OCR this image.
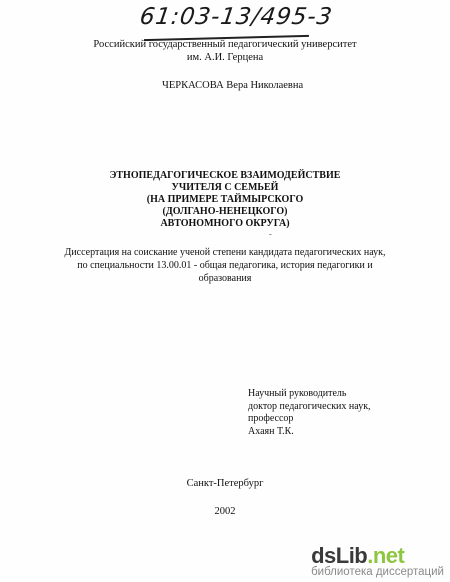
61:03-13/495-3
Российский государственный педагогический университет
им. А.И. Герцена
ЧЕРКАСОВА Вера Николаевна
ЭТНОПЕДАГОГИЧЕСКОЕ ВЗАИМОДЕЙСТВИЕ
УЧИТЕЛЯ С СЕМЬЕЙ
(НА ПРИМЕРЕ ТАЙМЫРСКОГО
(ДОЛГАНО-НЕНЕЦКОГО)
АВТОНОМНОГО ОКРУГА)
ˉ
Диссертация на соискание ученой степени кандидата педагогических наук,
по специальности 13.00.01 - общая педагогика, история педагогики и
образования
Научный руководитель
доктор педагогических наук,
профессор
Ахаян Т.К.
Санкт-Петербург
2002
dsLib.net
библиотека диссертаций
